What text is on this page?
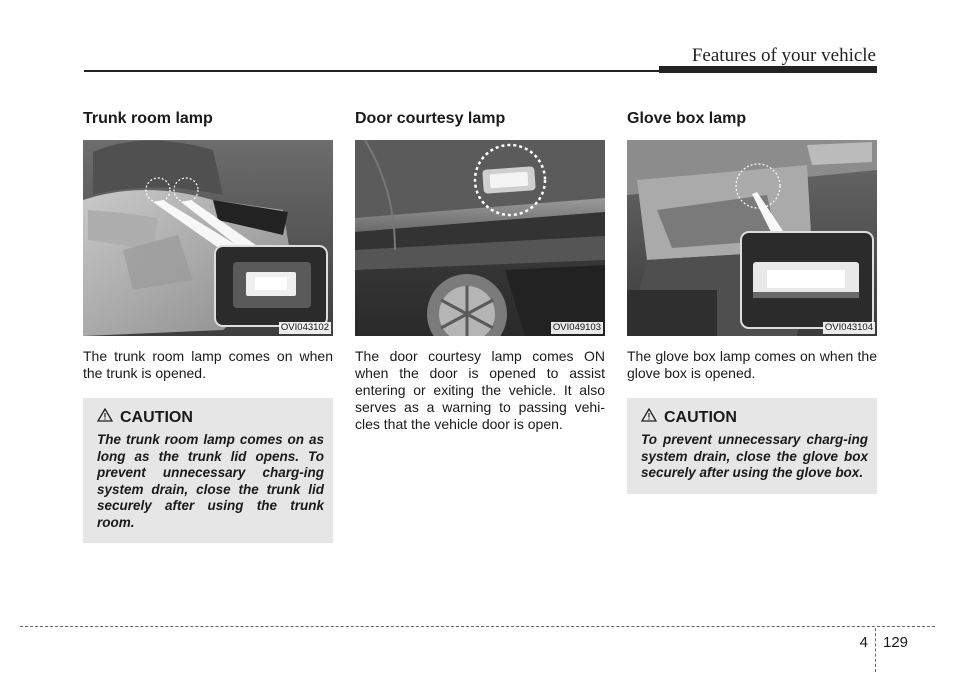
Features of your vehicle
Trunk room lamp
OVI043102

The trunk room lamp comes on when the trunk is opened.

CAUTION
The trunk room lamp comes on as long as the trunk lid opens. To prevent unnecessary charg-ing system drain, close the trunk lid securely after using the trunk room.
Door courtesy lamp
OVI049103

The door courtesy lamp comes ON when the door is opened to assist entering or exiting the vehicle. It also serves as a warning to passing vehi-cles that the vehicle door is open.

Glove box lamp
OVI043104

The glove box lamp comes on when the glove box is opened.

CAUTION
To prevent unnecessary charg-ing system drain, close the glove box securely after using the glove box.
4 129
